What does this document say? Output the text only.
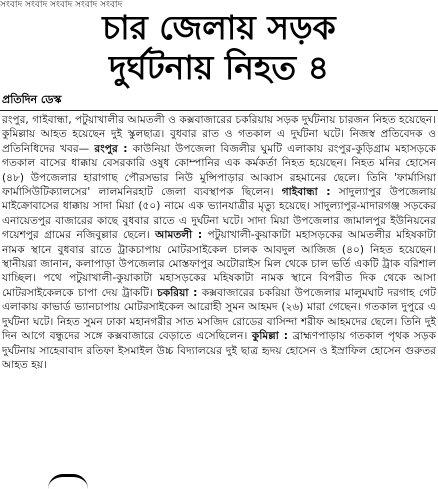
সংবাদ সংবাদ সংবাদ সংবাদ সংবাদ
চার জেলায় সড়ক
দুর্ঘটনায় নিহত ৪
প্রতিদিন ডেস্ক

রংপুর, গাইবান্ধা, পটুয়াখালীর আমতলী ও কক্সবাজারের চকরিয়ায় সড়ক দুর্ঘটনায় চারজন নিহত হয়েছেন। কুমিল্লায় আহত হয়েছেন দুই স্কুলছাত্র। বুধবার রাত ও গতকাল এ দুর্ঘটনা ঘটে। নিজস্ব প্রতিবেদক ও প্রতিনিধিদের খবর— রংপুর : কাউনিয়া উপজেলা বিজলীর ঘুমটি এলাকায় রংপুর-কুড়িগ্রাম মহাসড়কে গতকাল বাসের ধাক্কায় বেসরকারি ওষুধ কোম্পানির এক কর্মকর্তা নিহত হয়েছেন। নিহত মনির হোসেন (৪৮) উপজেলার হারাগাছ পৌরসভার নিউ মুন্সিপাড়ার আব্বাস রহমানের ছেলে। তিনি 'ফার্মাসিয়া ফার্মাসিউটিক্যালসের' লালমনিরহাট জেলা ব্যবস্থাপক ছিলেন। গাইবান্ধা : সাদুল্যাপুর উপজেলায় মাইক্রোবাসের ধাক্কায় সাদা মিয়া (৫০) নামে এক ভ্যানযাত্রীর মৃত্যু হয়েছে। সাদুল্যাপুর-মাদারগঞ্জ সড়কের এনায়েতপুর বাজারের কাছে বুধবার রাতে এ দুর্ঘটনা ঘটে। সাদা মিয়া উপজেলার জামালপুর ইউনিয়নের গয়েশপুর গ্রামের নজিবুল্লার ছেলে। আমতলী : পটুয়াখালী-কুয়াকাটা মহাসড়কের আমতলীর মহিষকাটা নামক স্থানে বুধবার রাতে ট্রাকচাপায় মোটরসাইকেল চালক আবদুল আজিজ (৪০) নিহত হয়েছেন। স্থানীয়রা জানান, কলাপাড়া উপজেলার মোস্তফাপুর অটোরাইস মিল থেকে চাল ভর্তি একটি ট্রাক বরিশাল যাচ্ছিল। পথে পটুয়াখালী-কুয়াকাটা মহাসড়কের মহিষকাটা নামক স্থানে বিপরীত দিক থেকে আসা মোটরসাইকেলকে চাপা দেয় ট্রাকটি। চকরিয়া : কক্সবাজারের চকরিয়া উপজেলার মালুমঘাট দরগাহ গেট এলাকায় কাভার্ড ভ্যানচাপায় মোটরসাইকেল আরোহী সুমন আহমদ (২৬) মারা গেছেন। গতকাল দুপুরে এ দুর্ঘটনা ঘটে। নিহত সুমন ঢাকা মহানগরীর সাত মসজিদ রোডের বাসিন্দা শরীফ আহমদের ছেলে। তিনি দুই দিন আগে বন্ধুদের সঙ্গে কক্সবাজারে বেড়াতে এসেছিলেন। কুমিল্লা : ব্রাহ্মণপাড়ায় গতকাল পৃথক সড়ক দুর্ঘটনায় সাহেবাবাদ রতিফা ইসমাইল উচ্চ বিদ্যালয়ের দুই ছাত্র হৃদয় হোসেন ও ইস্রাফিল হোসেন গুরুতর আহত হয়।
